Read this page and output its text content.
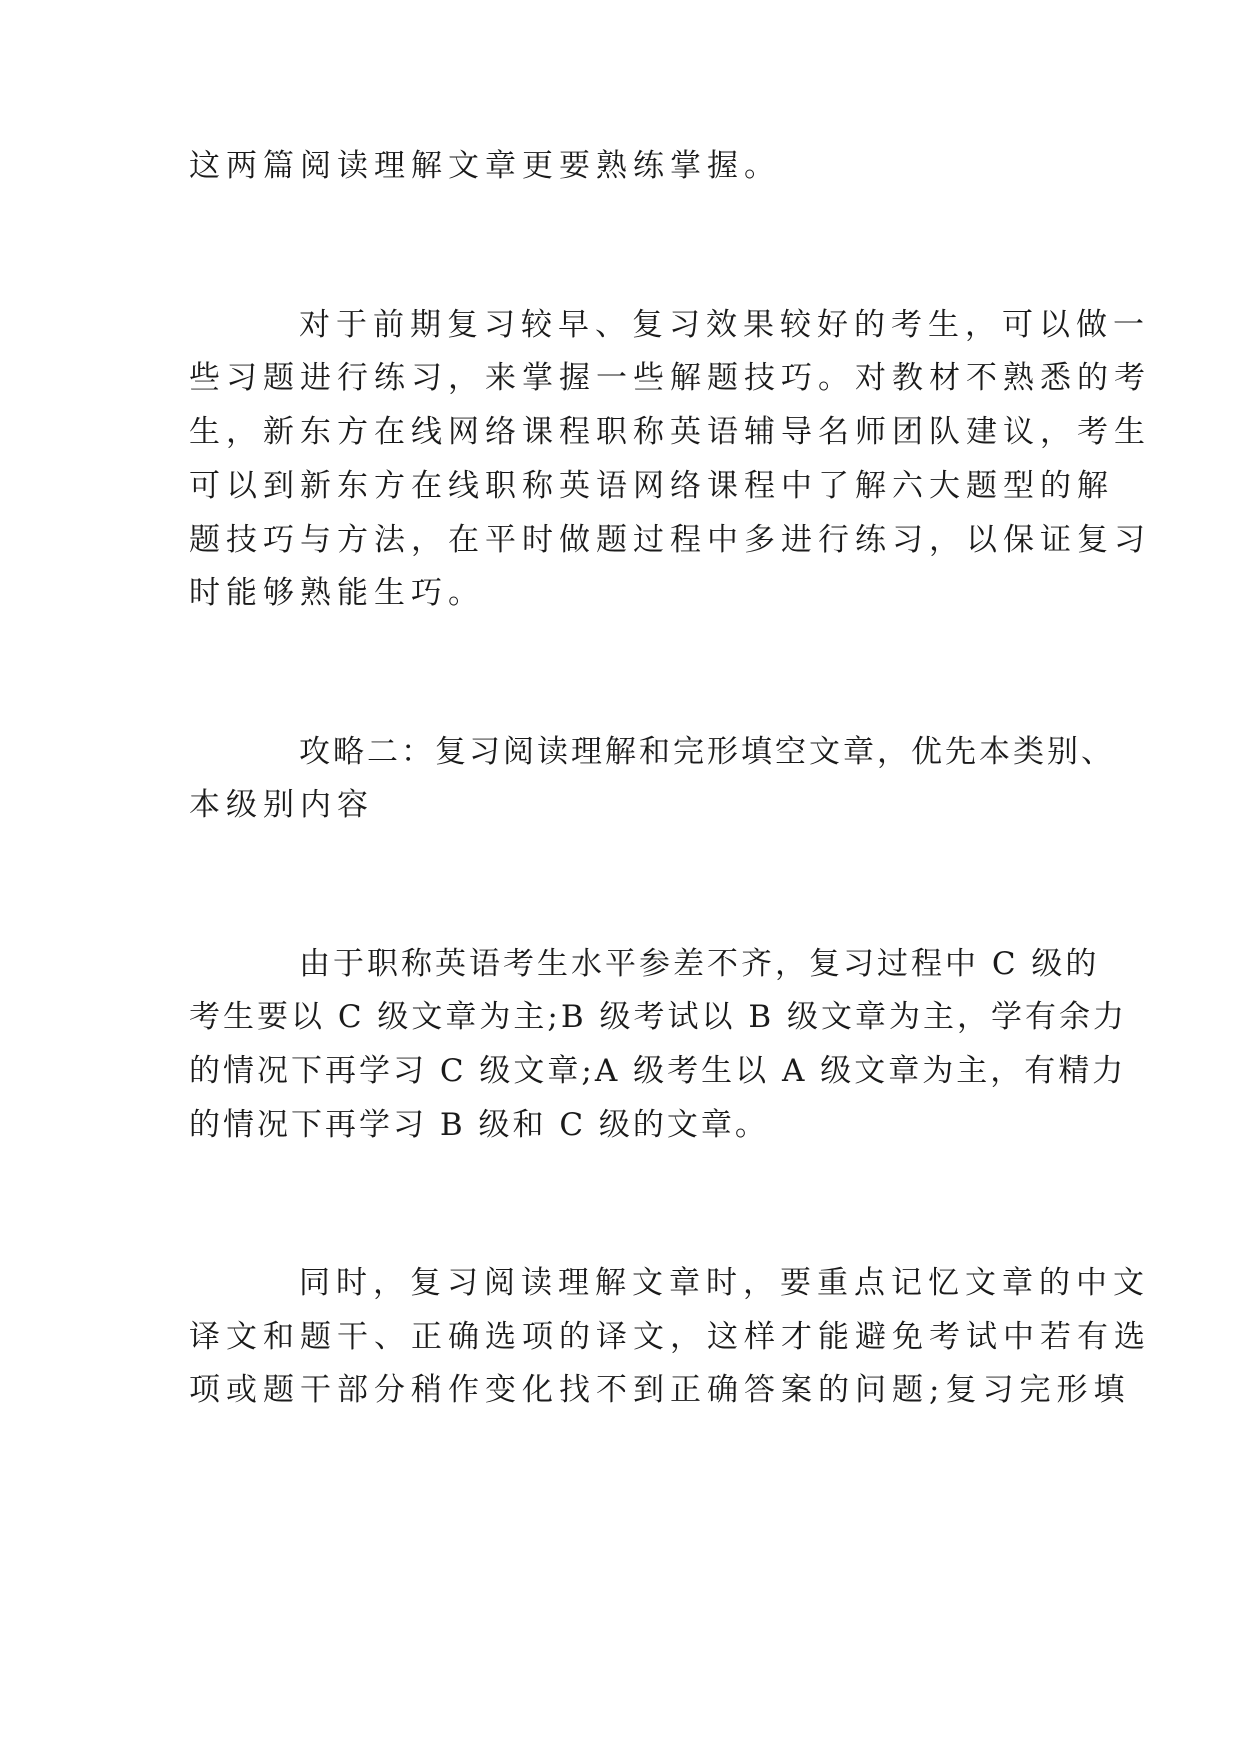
这两篇阅读理解文章更要熟练掌握。
对于前期复习较早、复习效果较好的考生，可以做一
些习题进行练习，来掌握一些解题技巧。对教材不熟悉的考
生，新东方在线网络课程职称英语辅导名师团队建议，考生
可以到新东方在线职称英语网络课程中了解六大题型的解
题技巧与方法，在平时做题过程中多进行练习，以保证复习
时能够熟能生巧。
攻略二：复习阅读理解和完形填空文章，优先本类别、
本级别内容
由于职称英语考生水平参差不齐，复习过程中 C 级的
考生要以 C 级文章为主;B 级考试以 B 级文章为主，学有余力
的情况下再学习 C 级文章;A 级考生以 A 级文章为主，有精力
的情况下再学习 B 级和 C 级的文章。
同时，复习阅读理解文章时，要重点记忆文章的中文
译文和题干、正确选项的译文，这样才能避免考试中若有选
项或题干部分稍作变化找不到正确答案的问题;复习完形填
